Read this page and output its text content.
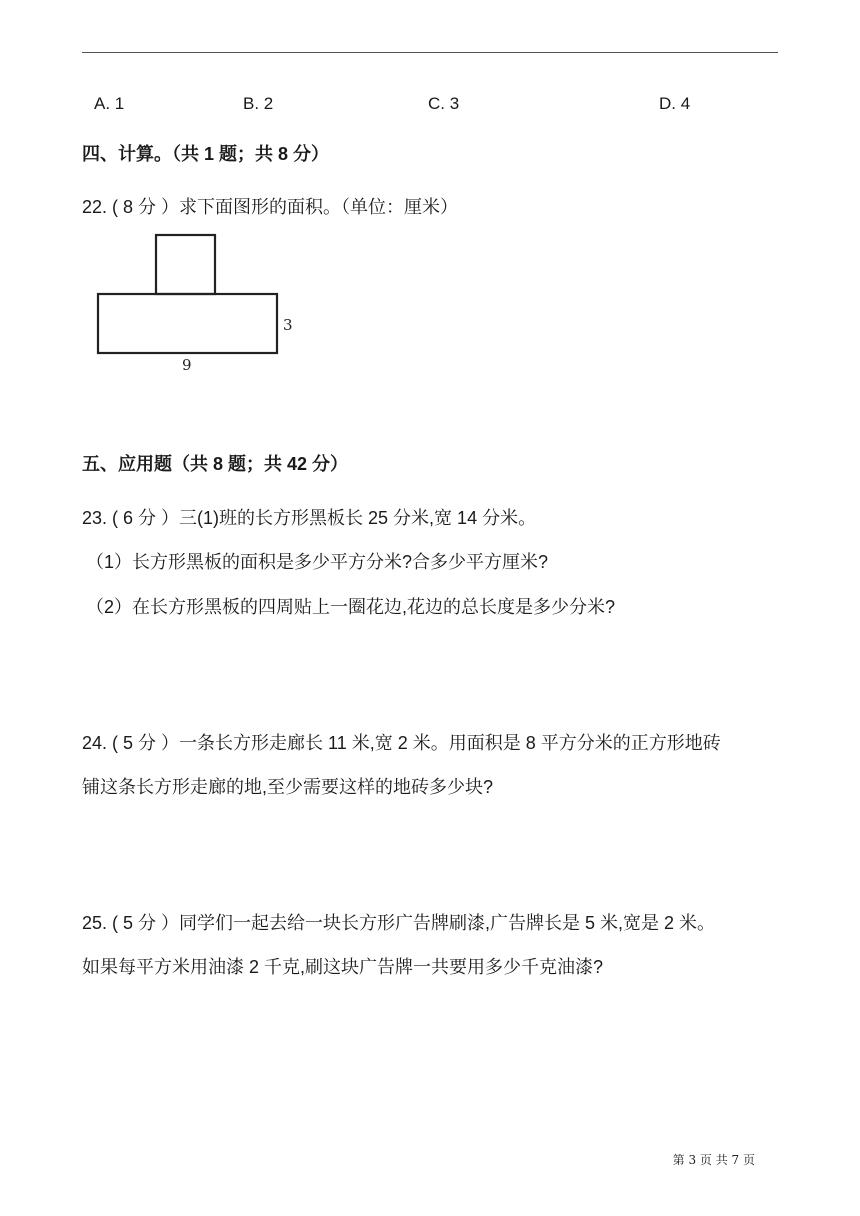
A. 1	B. 2	C. 3	D. 4
四、计算。（共 1 题；共 8 分）
22. ( 8 分 ）求下面图形的面积。（单位：厘米）
3
9
五、应用题（共 8 题；共 42 分）
23. ( 6 分 ）三(1)班的长方形黑板长 25 分米,宽 14 分米。
（1）长方形黑板的面积是多少平方分米?合多少平方厘米?
（2）在长方形黑板的四周贴上一圈花边,花边的总长度是多少分米?
24. ( 5 分 ）一条长方形走廊长 11 米,宽 2 米。用面积是 8 平方分米的正方形地砖
铺这条长方形走廊的地,至少需要这样的地砖多少块?
25. ( 5 分 ）同学们一起去给一块长方形广告牌刷漆,广告牌长是 5 米,宽是 2 米。
如果每平方米用油漆 2 千克,刷这块广告牌一共要用多少千克油漆?
第 3 页 共 7 页
